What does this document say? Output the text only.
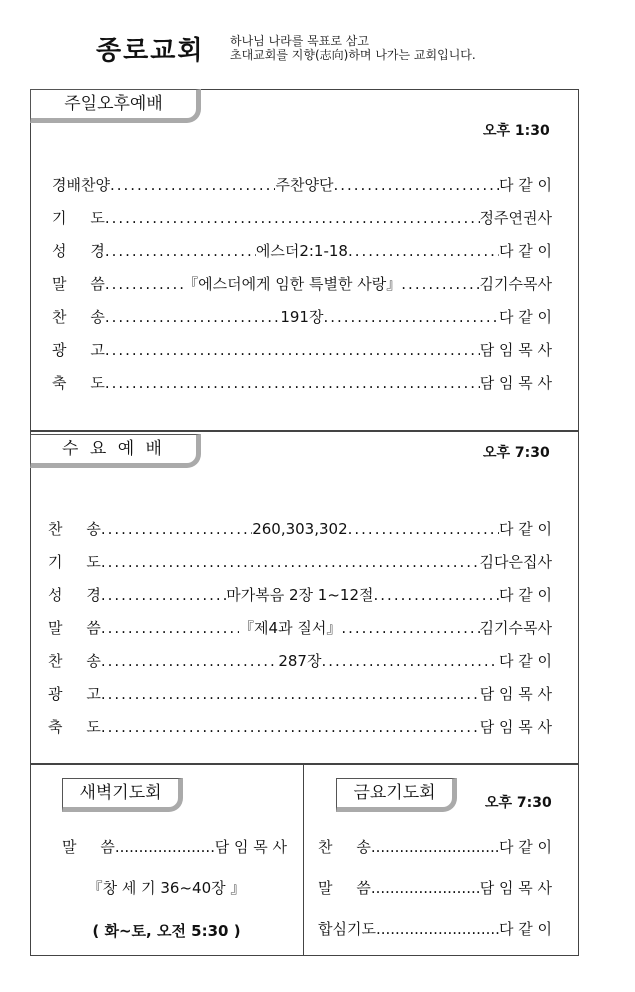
종로교회 하나님 나라를 목표로 삼고
초대교회를 지향(志向)하며 나가는 교회입니다.
주일오후예배
오후 1:30
경배찬양 .....	주찬양단 .....	다 같 이
기     도 .....	정주연권사
성     경 .....	에스더2:1-18 .....	다 같 이
말     씀 .....	『에스더에게 임한 특별한 사랑』 .....	김기수목사
찬     송 .....	191장 .....	다 같 이
광     고 .....	담 임 목 사
축     도 .....	담 임 목 사
수 요 예 배	오후 7:30
찬     송 .....	260,303,302 .....	다 같 이
기     도 .....	김다은집사
성     경 .....	마가복음 2장 1~12절 .....	다 같 이
말     씀 .....	『제4과 질서』 .....	김기수목사
찬     송 .....	287장 .....	다 같 이
광     고 .....	담 임 목 사
축     도 .....	담 임 목 사
새벽기도회
말     씀 .....	담 임 목 사
『창 세 기 36~40장 』
( 화~토, 오전 5:30 )
금요기도회	오후 7:30
찬     송 .....	다 같 이
말     씀 .....	담 임 목 사
합심기도 .....	다 같 이
